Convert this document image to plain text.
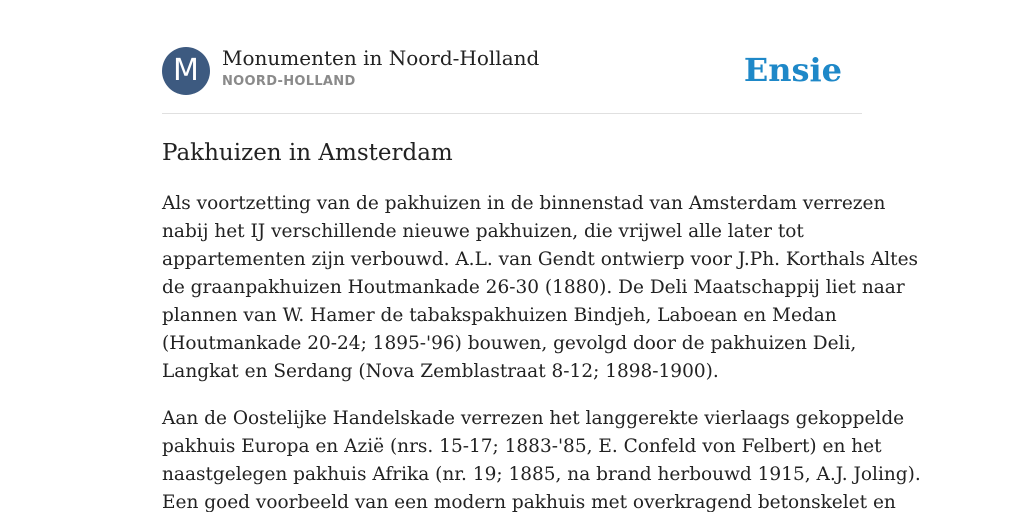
M	Monumenten in Noord-Holland
NOORD-HOLLAND	Ensie
Pakhuizen in Amsterdam

Als voortzetting van de pakhuizen in de binnenstad van Amsterdam verrezen
nabij het IJ verschillende nieuwe pakhuizen, die vrijwel alle later tot
appartementen zijn verbouwd. A.L. van Gendt ontwierp voor J.Ph. Korthals Altes
de graanpakhuizen Houtmankade 26-30 (1880). De Deli Maatschappij liet naar
plannen van W. Hamer de tabakspakhuizen Bindjeh, Laboean en Medan
(Houtmankade 20-24; 1895-'96) bouwen, gevolgd door de pakhuizen Deli,
Langkat en Serdang (Nova Zemblastraat 8-12; 1898-1900).

Aan de Oostelijke Handelskade verrezen het langgerekte vierlaags gekoppelde
pakhuis Europa en Azië (nrs. 15-17; 1883-'85, E. Confeld von Felbert) en het
naastgelegen pakhuis Afrika (nr. 19; 1885, na brand herbouwd 1915, A.J. Joling).
Een goed voorbeeld van een modern pakhuis met overkragend betonskelet en
